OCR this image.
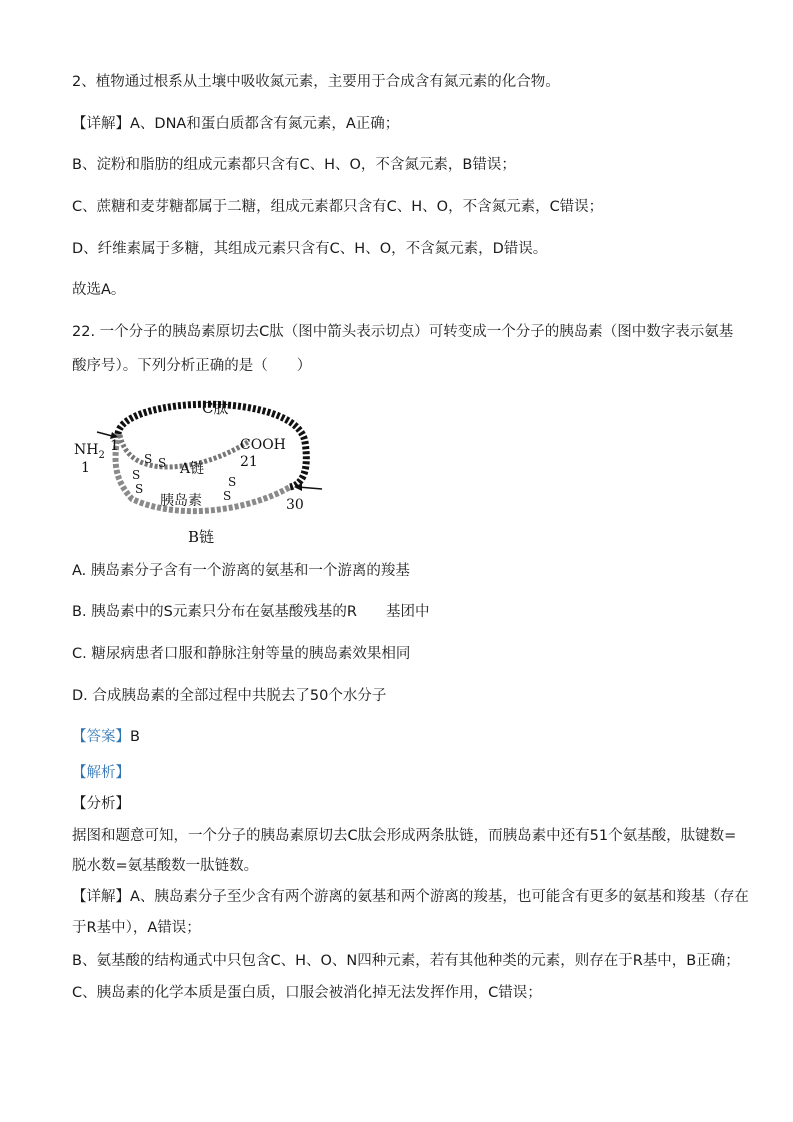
2、植物通过根系从土壤中吸收氮元素，主要用于合成含有氮元素的化合物。
【详解】A、DNA和蛋白质都含有氮元素，A正确；
B、淀粉和脂肪的组成元素都只含有C、H、O，不含氮元素，B错误；
C、蔗糖和麦芽糖都属于二糖，组成元素都只含有C、H、O，不含氮元素，C错误；
D、纤维素属于多糖，其组成元素只含有C、H、O，不含氮元素，D错误。
故选A。
22. 一个分子的胰岛素原切去C肽（图中箭头表示切点）可转变成一个分子的胰岛素（图中数字表示氨基
酸序号）。下列分析正确的是（　　）
C肽
$NH_2$
1
1
COOH
21
A链
胰岛素
B链
30
S S
S
S	S
S
A. 胰岛素分子含有一个游离的氨基和一个游离的羧基
B. 胰岛素中的S元素只分布在氨基酸残基的R　　基团中
C. 糖尿病患者口服和静脉注射等量的胰岛素效果相同
D. 合成胰岛素的全部过程中共脱去了50个水分子
【答案】B
【解析】
【分析】
据图和题意可知，一个分子的胰岛素原切去C肽会形成两条肽链，而胰岛素中还有51个氨基酸，肽键数=
脱水数=氨基酸数一肽链数。
【详解】A、胰岛素分子至少含有两个游离的氨基和两个游离的羧基，也可能含有更多的氨基和羧基（存在
于R基中），A错误；
B、氨基酸的结构通式中只包含C、H、O、N四种元素，若有其他种类的元素，则存在于R基中，B正确；
C、胰岛素的化学本质是蛋白质，口服会被消化掉无法发挥作用，C错误；
